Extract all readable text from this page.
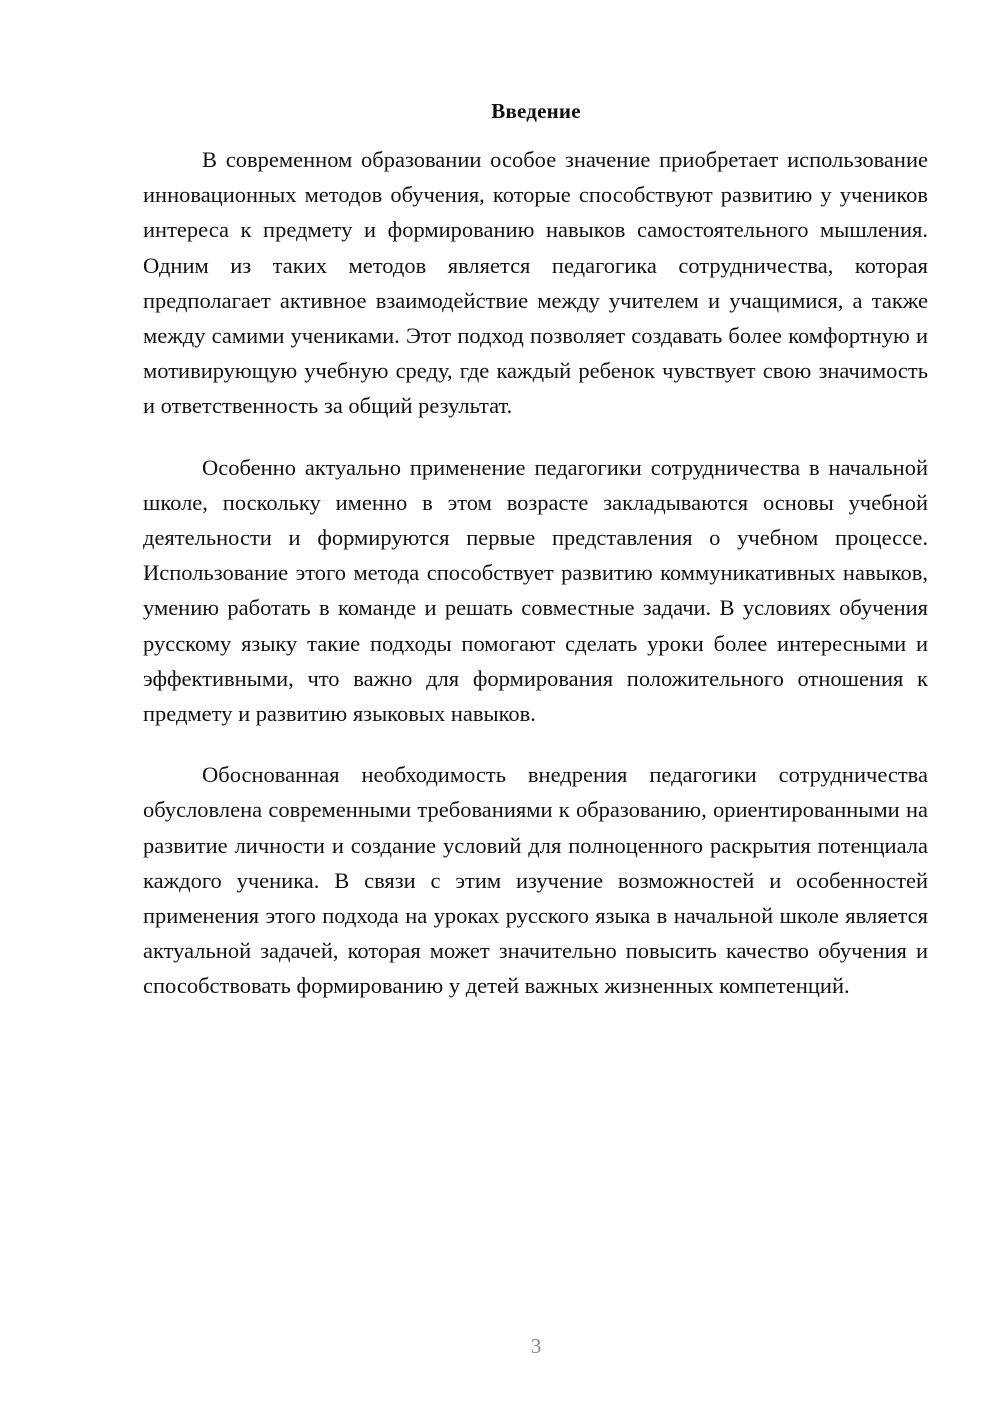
Введение

В современном образовании особое значение приобретает использование инновационных методов обучения, которые способствуют развитию у учеников интереса к предмету и формированию навыков самостоятельного мышления. Одним из таких методов является педагогика сотрудничества, которая предполагает активное взаимодействие между учителем и учащимися, а также между самими учениками. Этот подход позволяет создавать более комфортную и мотивирующую учебную среду, где каждый ребенок чувствует свою значимость и ответственность за общий результат.

Особенно актуально применение педагогики сотрудничества в начальной школе, поскольку именно в этом возрасте закладываются основы учебной деятельности и формируются первые представления о учебном процессе. Использование этого метода способствует развитию коммуникативных навыков, умению работать в команде и решать совместные задачи. В условиях обучения русскому языку такие подходы помогают сделать уроки более интересными и эффективными, что важно для формирования положительного отношения к предмету и развитию языковых навыков.

Обоснованная необходимость внедрения педагогики сотрудничества обусловлена современными требованиями к образованию, ориентированными на развитие личности и создание условий для полноценного раскрытия потенциала каждого ученика. В связи с этим изучение возможностей и особенностей применения этого подхода на уроках русского языка в начальной школе является актуальной задачей, которая может значительно повысить качество обучения и способствовать формированию у детей важных жизненных компетенций.

3
